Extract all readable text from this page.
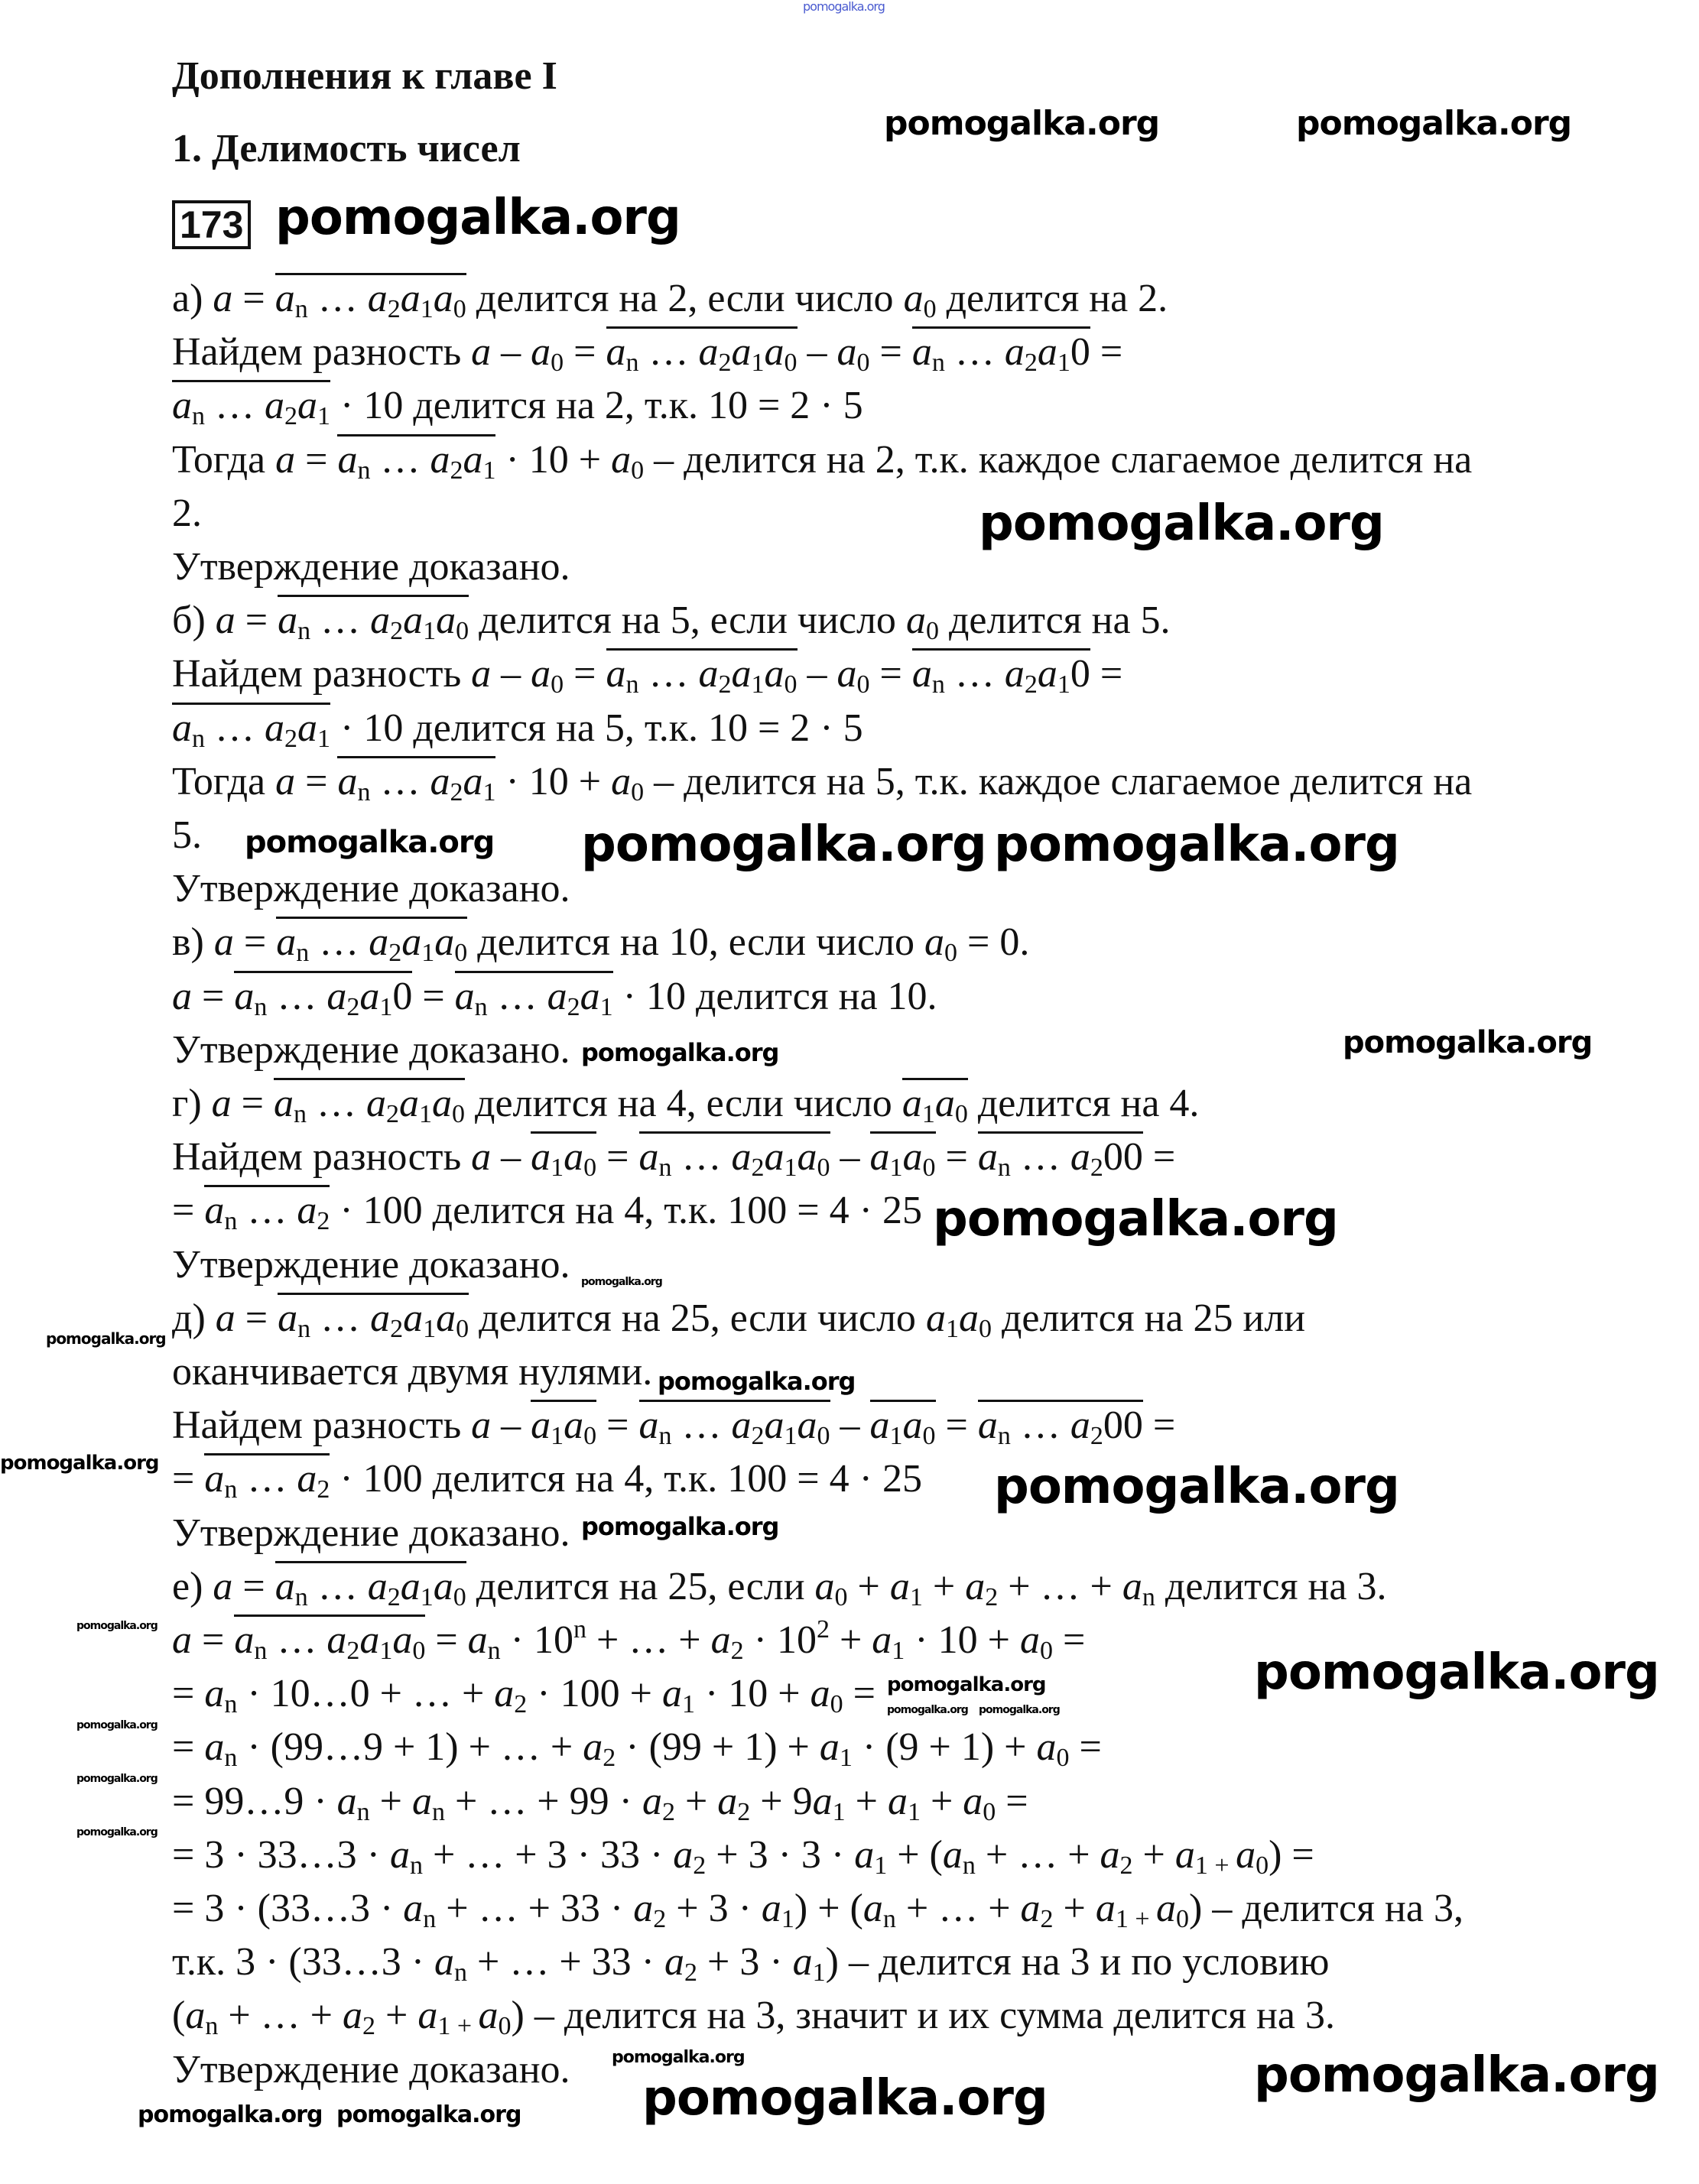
Дополнения к главе I
1. Делимость чисел
173
а) a = an … a2a1a0 делится на 2, если число a0 делится на 2.
Найдем разность a – a0 = an … a2a1a0 – a0 = an … a2a10 =
an … a2a1 · 10 делится на 2, т.к. 10 = 2 · 5
Тогда a = an … a2a1 · 10 + a0 – делится на 2, т.к. каждое слагаемое делится на
2.
Утверждение доказано.
б) a = an … a2a1a0 делится на 5, если число a0 делится на 5.
Найдем разность a – a0 = an … a2a1a0 – a0 = an … a2a10 =
an … a2a1 · 10 делится на 5, т.к. 10 = 2 · 5
Тогда a = an … a2a1 · 10 + a0 – делится на 5, т.к. каждое слагаемое делится на
5.
Утверждение доказано.
в) a = an … a2a1a0 делится на 10, если число a0 = 0.
a = an … a2a10 = an … a2a1 · 10 делится на 10.
Утверждение доказано.
г) a = an … a2a1a0 делится на 4, если число a1a0 делится на 4.
Найдем разность a – a1a0 = an … a2a1a0 – a1a0 = an … a200 =
= an … a2 · 100 делится на 4, т.к. 100 = 4 · 25
Утверждение доказано.
д) a = an … a2a1a0 делится на 25, если число a1a0 делится на 25 или
оканчивается двумя нулями.
Найдем разность a – a1a0 = an … a2a1a0 – a1a0 = an … a200 =
= an … a2 · 100 делится на 4, т.к. 100 = 4 · 25
Утверждение доказано.
е) a = an … a2a1a0 делится на 25, если a0 + a1 + a2 + … + an делится на 3.
a = an … a2a1a0 = an · $10^n$ + … + $a2 \cdot 10^2 + a1 \cdot 10 + a0$ =
= an · 10…0 + … + a2 · 100 + a1 · 10 + a0 =
= an · (99…9 + 1) + … + a2 · (99 + 1) + a1 · (9 + 1) + a0 =
= 99…9 · an + an + … + 99 · a2 + a2 + 9a1 + a1 + a0 =
= 3 · 33…3 · an + … + 3 · 33 · a2 + 3 · 3 · a1 + (an + … + a2 + a1 + a0) =
= 3 · (33…3 · an + … + 33 · a2 + 3 · a1) + (an + … + a2 + a1 + a0) – делится на 3,
т.к. 3 · (33…3 · an + … + 33 · a2 + 3 · a1) – делится на 3 и по условию
(an + … + a2 + a1 + a0) – делится на 3, значит и их сумма делится на 3.
Утверждение доказано.
pomogalka.org
pomogalka.org	pomogalka.org
pomogalka.org
pomogalka.org
pomogalka.org pomogalka.org
pomogalka.org
pomogalka.org
pomogalka.org
pomogalka.org
pomogalka.org
pomogalka.org
pomogalka.org
pomogalka.org
pomogalka.org
pomogalka.org
pomogalka.org
pomogalka.org	pomogalka.org
pomogalka.org
pomogalka.org
pomogalka.org
pomogalka.org
pomogalka.org pomogalka.org
pomogalka.org
pomogalka.org	pomogalka.org	pomogalka.org
